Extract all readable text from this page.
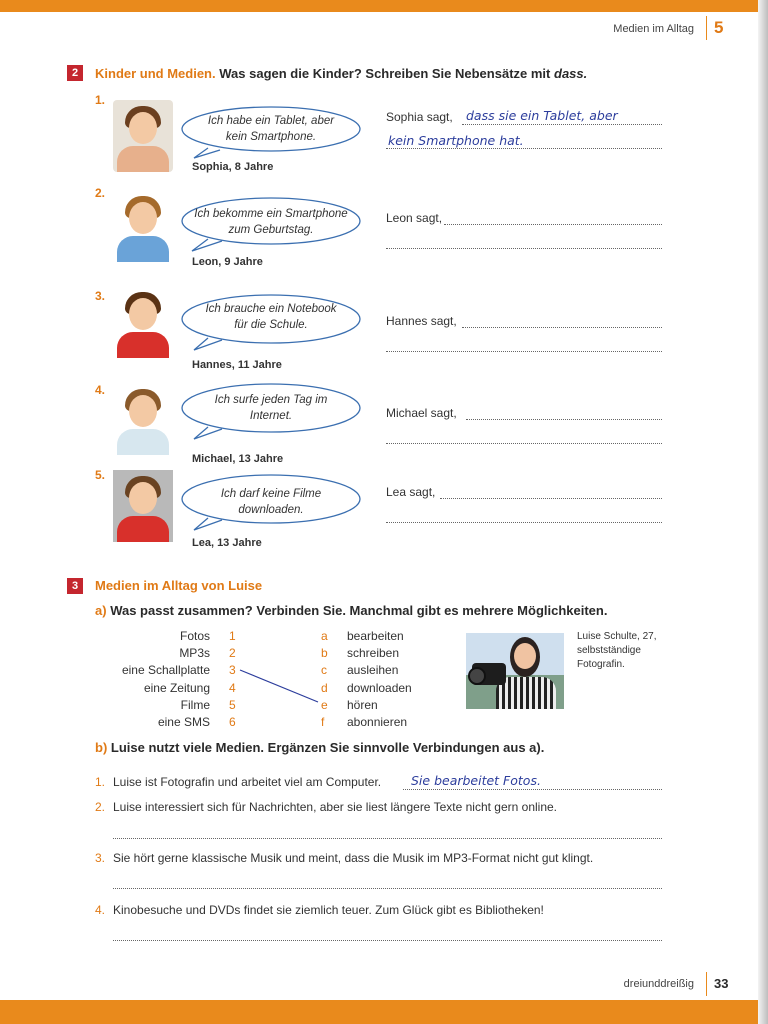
Medien im Alltag	5
2	Kinder und Medien. Was sagen die Kinder? Schreiben Sie Nebensätze mit dass.
1.
Sophia, 8 Jahre
Ich habe ein Tablet, aber
kein Smartphone.
Sophia sagt, dass sie ein Tablet, aber
kein Smartphone hat.
2.
Leon, 9 Jahre
Ich bekomme ein Smartphone
zum Geburtstag.
Leon sagt,
3.
Hannes, 11 Jahre
Ich brauche ein Notebook
für die Schule.	Hannes sagt,
4.
Michael, 13 Jahre
Ich surfe jeden Tag im
Internet.	Michael sagt,
5.
Lea, 13 Jahre
Ich darf keine Filme
downloaden.
Lea sagt,
3	Medien im Alltag von Luise
a) Was passt zusammen? Verbinden Sie. Manchmal gibt es mehrere Möglichkeiten.
Fotos 1
MP3s 2
eine Schallplatte 3
eine Zeitung 4
Filme 5
eine SMS 6
a bearbeiten
b schreiben
c ausleihen
d downloaden
e hören
f abonnieren
Luise Schulte, 27,
selbstständige
Fotografin.
b) Luise nutzt viele Medien. Ergänzen Sie sinnvolle Verbindungen aus a).
1. Luise ist Fotografin und arbeitet viel am Computer. Sie bearbeitet Fotos.
2. Luise interessiert sich für Nachrichten, aber sie liest längere Texte nicht gern online.
3. Sie hört gerne klassische Musik und meint, dass die Musik im MP3-Format nicht gut klingt.
4. Kinobesuche und DVDs findet sie ziemlich teuer. Zum Glück gibt es Bibliotheken!
dreiunddreißig	33
